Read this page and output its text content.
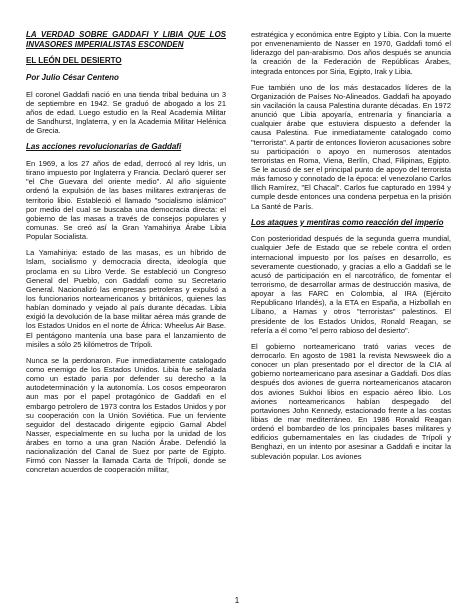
LA VERDAD SOBRE GADDAFI Y LIBIA QUE LOS INVASORES IMPERIALISTAS ESCONDEN

EL LEÓN DEL DESIERTO

Por Julio César Centeno

El coronel Gaddafi nació en una tienda tribal beduina un 3 de septiembre en 1942. Se graduó de abogado a los 21 años de edad. Luego estudio en la Real Academia Militar de Sandhurst, Inglaterra, y en la Academia Militar Helénica de Grecia.

Las acciones revolucionarias de Gaddafi

En 1969, a los 27 años de edad, derrocó al rey Idris, un tirano impuesto por Inglaterra y Francia. Declaró querer ser "el Che Guevara del oriente medio". Al año siguiente ordenó la expulsión de las bases militares extranjeras de territorio libio. Estableció el llamado "socialismo islámico" por medio del cual se buscaba una democracia directa: el gobierno de las masas a través de consejos populares y comunas. Se creó así la Gran Yamahiriya Árabe Libia Popular Socialista.

La Yamahiriya: estado de las masas, es un híbrido de Islam, socialismo y democracia directa, ideología que proclama en su Libro Verde. Se estableció un Congreso General del Pueblo, con Gaddafi como su Secretario General. Nacionalizó las empresas petroleras y expulsó a los funcionarios norteamericanos y británicos, quienes las habían dominado y vejado al país durante décadas. Libia exigió la devolución de la base militar aérea más grande de los Estados Unidos en el norte de África: Wheelus Air Base. El pentágono mantenía una base para el lanzamiento de misiles a sólo 25 kilómetros de Trípoli.

Nunca se la perdonaron. Fue inmediatamente catalogado como enemigo de los Estados Unidos. Libia fue señalada como un estado paria por defender su derecho a la autodeterminación y la autonomía. Los cosos empeoraron aun mas por el papel protagónico de Gaddafi en el embargo petrolero de 1973 contra los Estados Unidos y por su cooperación con la Unión Soviética. Fue un ferviente seguidor del destacado dirigente egipcio Gamal Abdel Nasser, especialmente en su lucha por la unidad de los árabes en torno a una gran Nación Árabe. Defendió la nacionalización del Canal de Suez por parte de Egipto. Firmó con Nasser la llamada Carta de Trípoli, donde se concretan acuerdos de cooperación militar,

estratégica y económica entre Egipto y Libia. Con la muerte por envenenamiento de Nasser en 1970, Gaddafi tomó el liderazgo del pan-arabismo. Dos años después se anuncia la creación de la Federación de Repúblicas Árabes, integrada entonces por Siria, Egipto, Irak y Libia.

Fue también uno de los más destacados líderes de la Organización de Países No-Alineados. Gaddafi ha apoyado sin vacilación la causa Palestina durante décadas. En 1972 anunció que Libia apoyaría, entrenaría y financiaría a cualquier árabe que estuviera dispuesto a defender la causa Palestina. Fue inmediatamente catalogado como "terrorista". A partir de entonces llovieron acusaciones sobre su participación o apoyo en numerosos atentados terroristas en Roma, Viena, Berlín, Chad, Filipinas, Egipto. Se le acusó de ser el principal punto de apoyo del terrorista más famoso y connotado de la época: el venezolano Carlos Illich Ramírez, "El Chacal". Carlos fue capturado en 1994 y cumple desde entonces una condena perpetua en la prisión La Santé de París.

Los ataques y mentiras como reacción del imperio

Con posterioridad después de la segunda guerra mundial, cualquier Jefe de Estado que se rebele contra el orden internacional impuesto por los países en desarrollo, es severamente cuestionado, y gracias a ello a Gaddafi se le acusó de participación en el narcotráfico, de fomentar el terrorismo, de desarrollar armas de destrucción masiva, de apoyar a las FARC en Colombia, al IRA (Ejército Republicano Irlandés), a la ETA en España, a Hizbollah en Líbano, a Hamas y otros "terroristas" palestinos. El presidente de los Estados Unidos, Ronald Reagan, se refería a él como "el perro rabioso del desierto".

El gobierno norteamericano trató varias veces de derrocarlo. En agosto de 1981 la revista Newsweek dio a conocer un plan presentado por el director de la CIA al gobierno norteamericano para asesinar a Gaddafi. Dos días después dos aviones de guerra norteamericanos atacaron dos aviones Sukhoi libios en espacio aéreo libio. Los aviones norteamericanos habían despegado del portaviones John Kennedy, estacionado frente a las costas libias de mar mediterráneo. En 1986 Ronald Reagan ordenó el bombardeo de los principales bases militares y edificios gubernamentales en las ciudades de Trípoli y Benghazi, en un intento por asesinar a Gaddafi e incitar la sublevación popular. Los aviones

1
